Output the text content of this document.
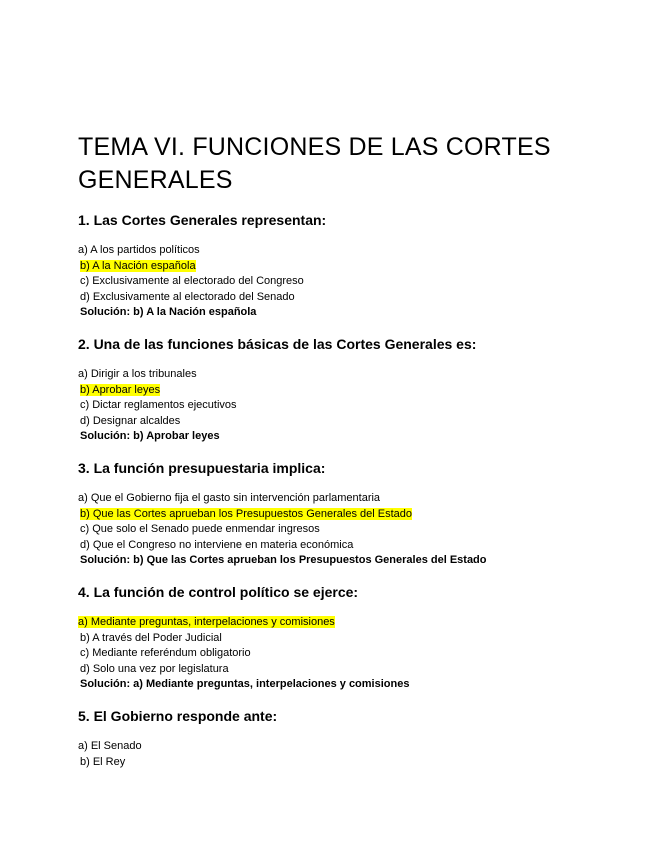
TEMA VI. FUNCIONES DE LAS CORTES GENERALES

1. Las Cortes Generales representan:

a) A los partidos políticos

b) A la Nación española

c) Exclusivamente al electorado del Congreso

d) Exclusivamente al electorado del Senado

Solución: b) A la Nación española

2. Una de las funciones básicas de las Cortes Generales es:

a) Dirigir a los tribunales

b) Aprobar leyes

c) Dictar reglamentos ejecutivos

d) Designar alcaldes

Solución: b) Aprobar leyes

3. La función presupuestaria implica:

a) Que el Gobierno fija el gasto sin intervención parlamentaria

b) Que las Cortes aprueban los Presupuestos Generales del Estado

c) Que solo el Senado puede enmendar ingresos

d) Que el Congreso no interviene en materia económica

Solución: b) Que las Cortes aprueban los Presupuestos Generales del Estado

4. La función de control político se ejerce:

a) Mediante preguntas, interpelaciones y comisiones

b) A través del Poder Judicial

c) Mediante referéndum obligatorio

d) Solo una vez por legislatura

Solución: a) Mediante preguntas, interpelaciones y comisiones

5. El Gobierno responde ante:

a) El Senado

b) El Rey
